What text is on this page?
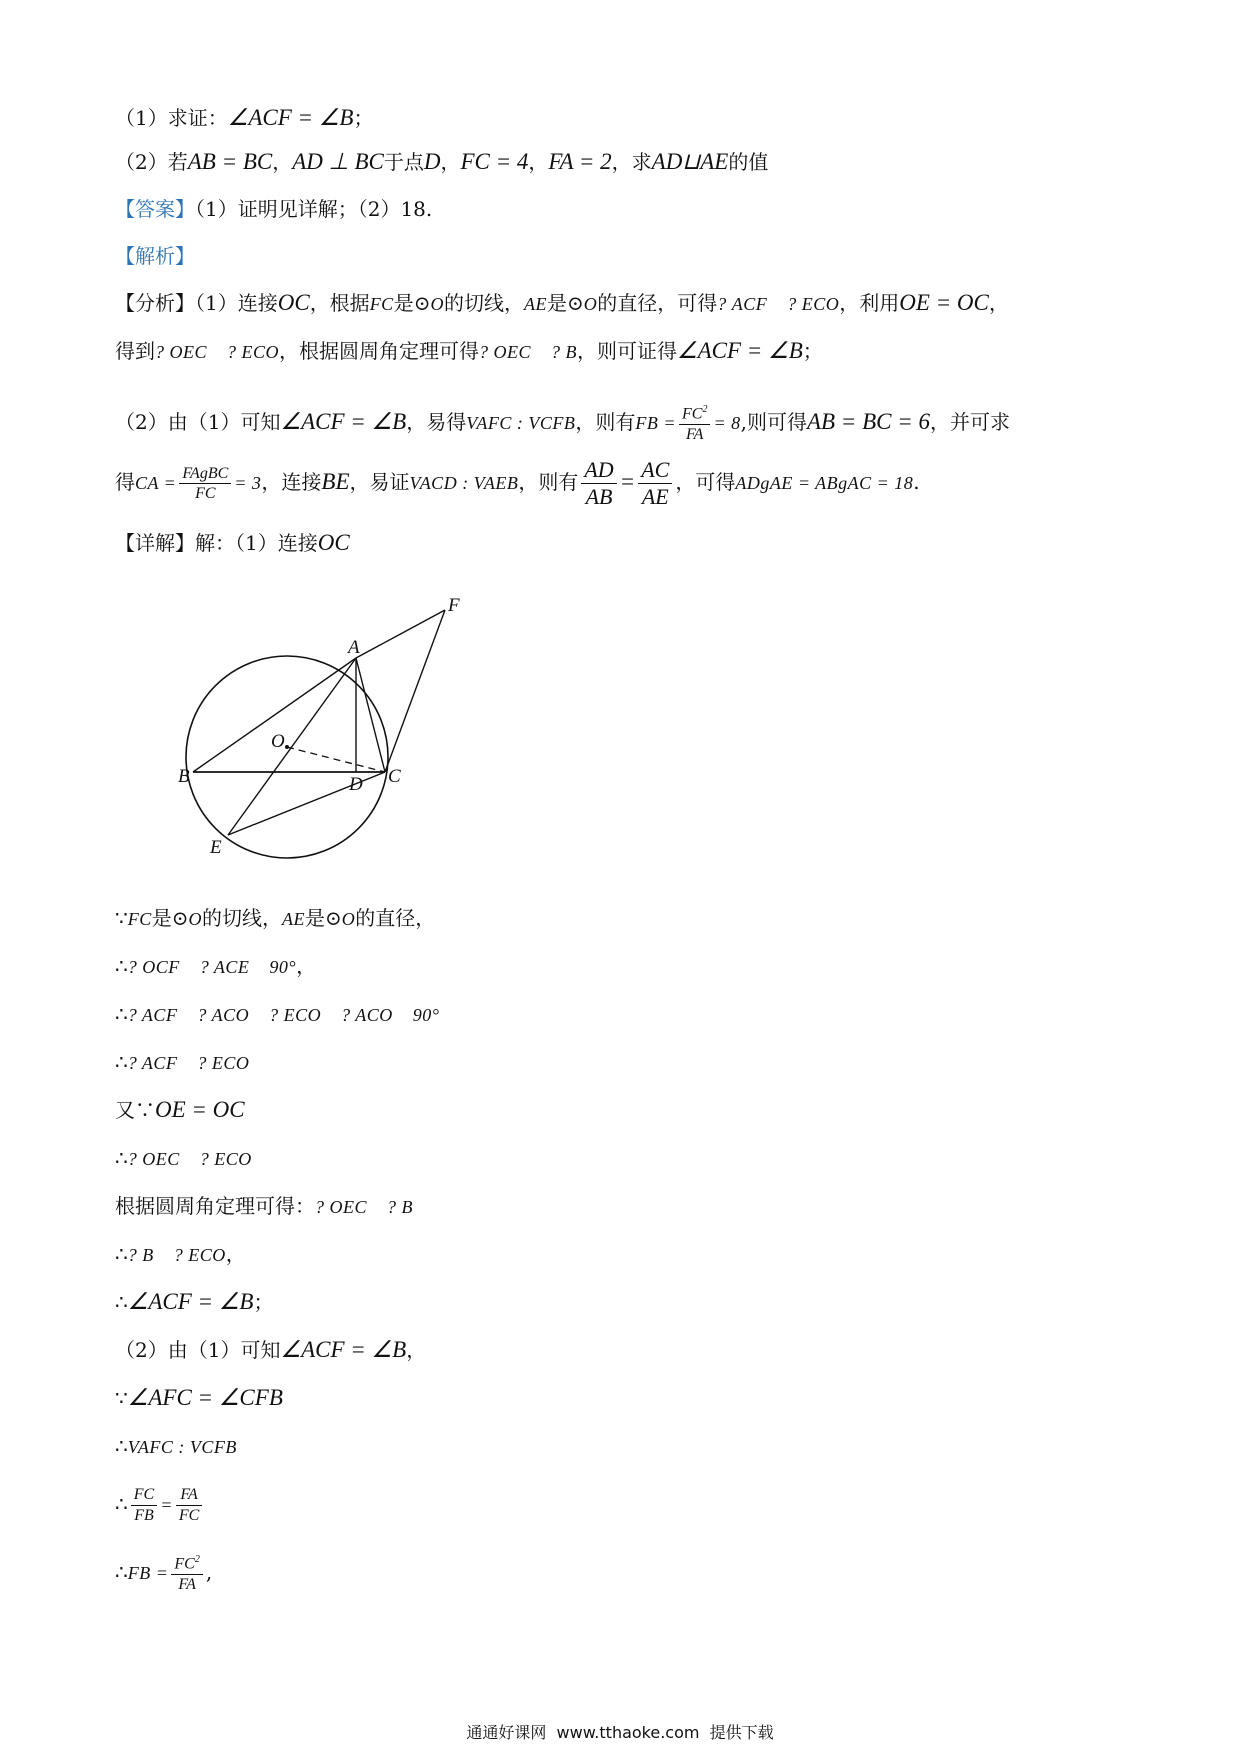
（1）求证：∠ACF = ∠B；
（2）若AB = BC，AD ⊥ BC于点D，FC = 4，FA = 2，求AD⊔AE的值
【答案】（1）证明见详解；（2）18.
【解析】
【分析】（1）连接OC，根据FC是⊙O的切线，AE是⊙O的直径，可得? ACF    ? ECO，利用OE = OC，
得到? OEC    ? ECO，根据圆周角定理可得? OEC    ? B，则可证得∠ACF = ∠B；
（2）由（1）可知∠ACF = ∠B，易得VAFC : VCFB，则有FB = $\frac{FC^2}{FA} = 8$,则可得AB = BC = 6，并可求
得CA = $\frac{\text{FAgBC}}{FC} = 3$，连接BE，易证VACD : VAEB，则有 $\frac{AD}{AB} = \frac{AC}{AE}$ ，可得ADgAE = ABgAC = 18.
【详解】解：（1）连接OC
F
A
O
B	D C
E
∵FC是⊙O的切线，AE是⊙O的直径，
∴? OCF    ? ACE    90°，
∴? ACF    ? ACO    ? ECO    ? ACO    90°
∴? ACF    ? ECO
又∵OE = OC
∴? OEC    ? ECO
根据圆周角定理可得：? OEC    ? B
∴? B    ? ECO，
∴∠ACF = ∠B；
（2）由（1）可知∠ACF = ∠B，
∵∠AFC = ∠CFB
∴VAFC : VCFB
∴ $\frac{FC}{FB} = \frac{FA}{FC}$
∴FB = $\frac{FC^2}{FA}$ ,
通通好课网 www.tthaoke.com 提供下载
